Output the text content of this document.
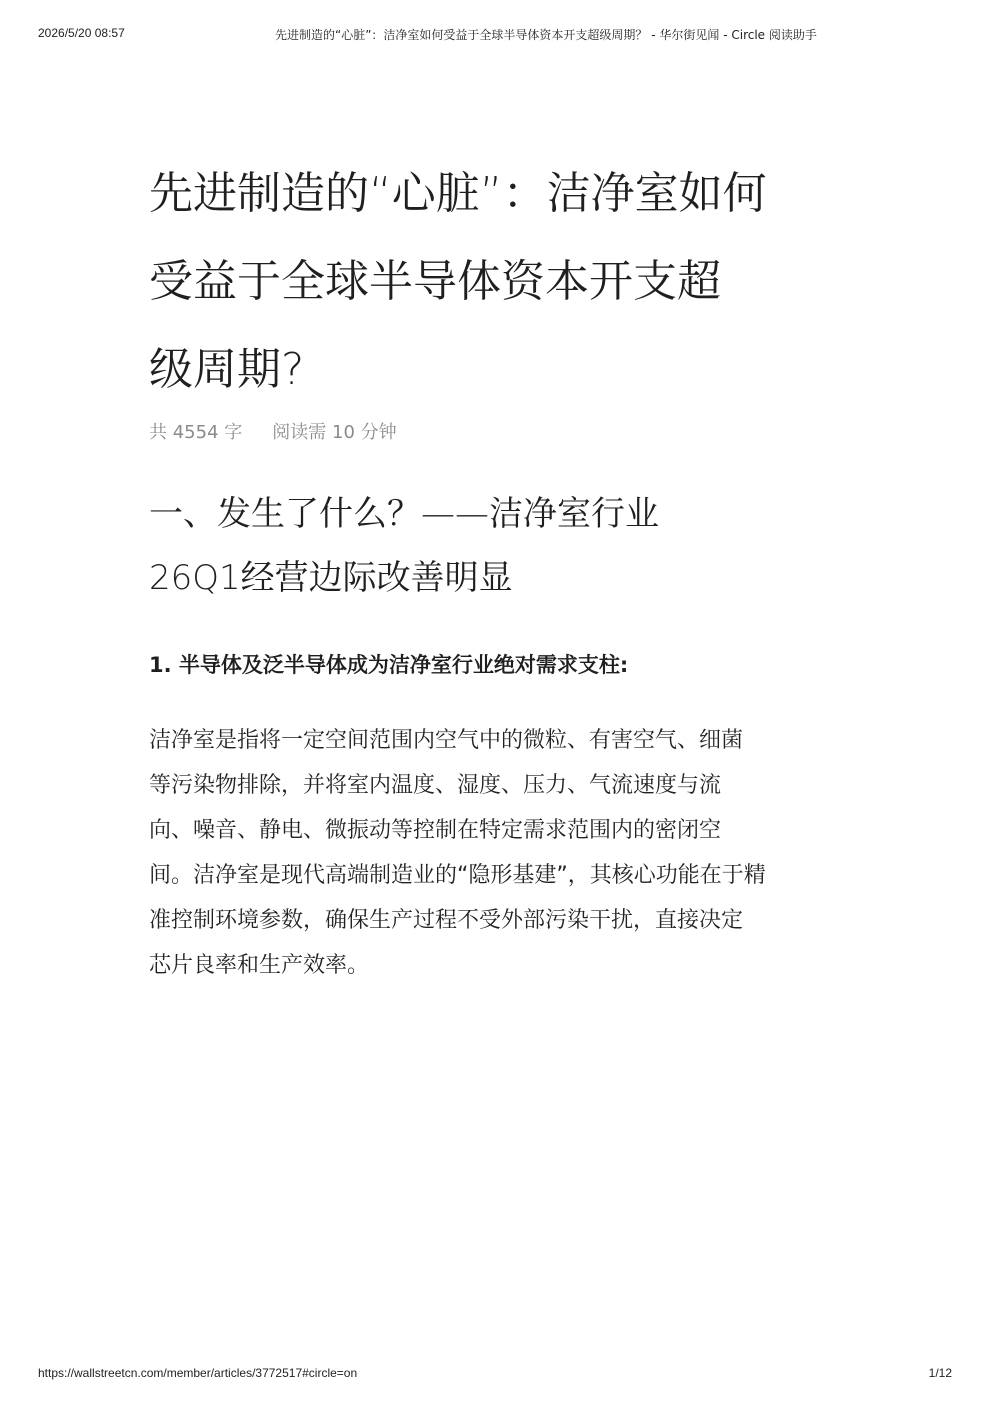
2026/5/20 08:57	先进制造的“心脏”：洁净室如何受益于全球半导体资本开支超级周期？ - 华尔街见闻 - Circle 阅读助手
先进制造的“心脏”：洁净室如何
受益于全球半导体资本开支超
级周期?
共 4554 字 阅读需 10 分钟
一、发生了什么？——洁净室行业
26Q1经营边际改善明显
1. 半导体及泛半导体成为洁净室行业绝对需求支柱:
洁净室是指将一定空间范围内空气中的微粒、有害空气、细菌
等污染物排除，并将室内温度、湿度、压力、气流速度与流
向、噪音、静电、微振动等控制在特定需求范围内的密闭空
间。洁净室是现代高端制造业的“隐形基建”，其核心功能在于精
准控制环境参数，确保生产过程不受外部污染干扰，直接决定
芯片良率和生产效率。
https://wallstreetcn.com/member/articles/3772517#circle=on	1/12
